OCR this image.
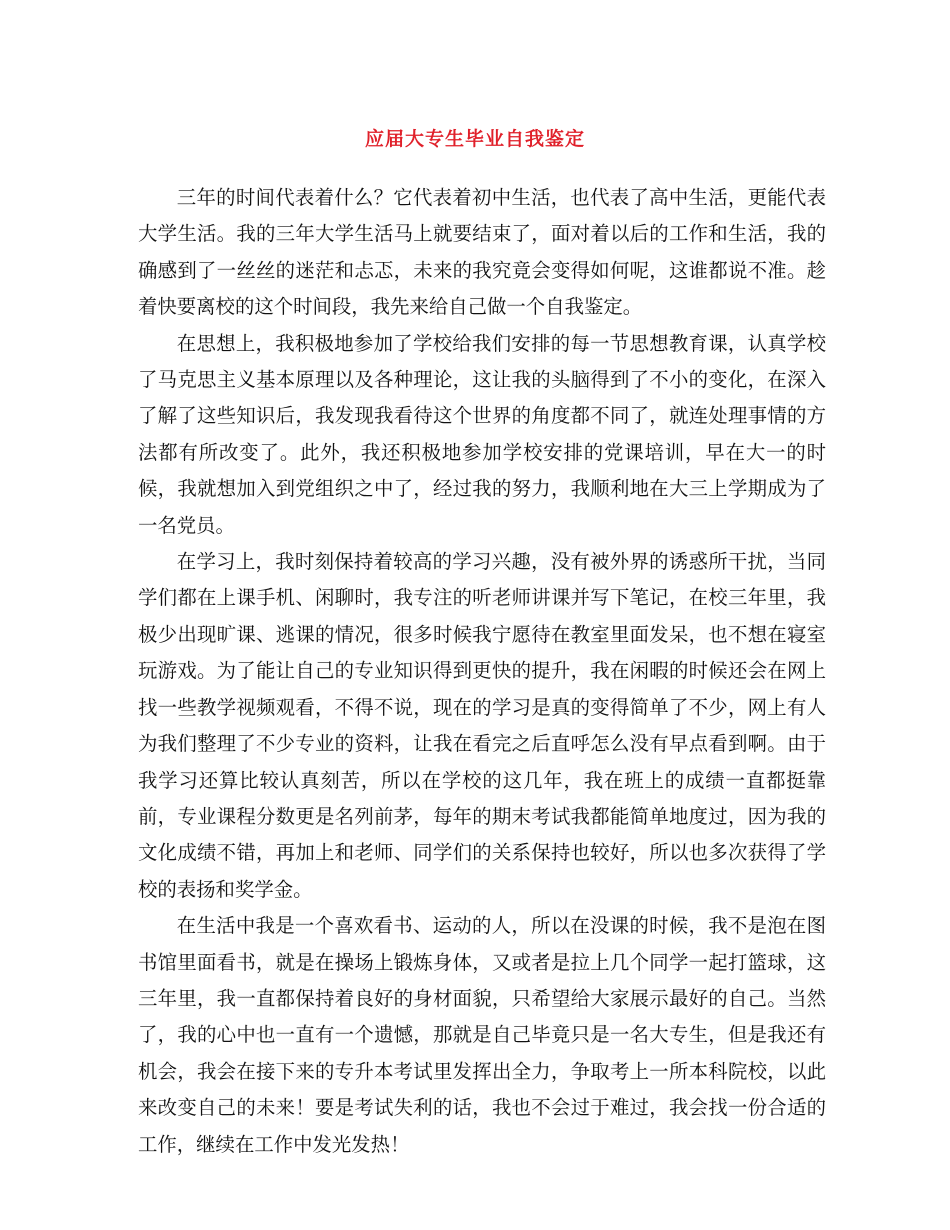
应届大专生毕业自我鉴定

三年的时间代表着什么？它代表着初中生活，也代表了高中生活，更能代表大学生活。我的三年大学生活马上就要结束了，面对着以后的工作和生活，我的确感到了一丝丝的迷茫和忐忑，未来的我究竟会变得如何呢，这谁都说不准。趁着快要离校的这个时间段，我先来给自己做一个自我鉴定。

在思想上，我积极地参加了学校给我们安排的每一节思想教育课，认真学校了马克思主义基本原理以及各种理论，这让我的头脑得到了不小的变化，在深入了解了这些知识后，我发现我看待这个世界的角度都不同了，就连处理事情的方法都有所改变了。此外，我还积极地参加学校安排的党课培训，早在大一的时候，我就想加入到党组织之中了，经过我的努力，我顺利地在大三上学期成为了一名党员。

在学习上，我时刻保持着较高的学习兴趣，没有被外界的诱惑所干扰，当同学们都在上课手机、闲聊时，我专注的听老师讲课并写下笔记，在校三年里，我极少出现旷课、逃课的情况，很多时候我宁愿待在教室里面发呆，也不想在寝室玩游戏。为了能让自己的专业知识得到更快的提升，我在闲暇的时候还会在网上找一些教学视频观看，不得不说，现在的学习是真的变得简单了不少，网上有人为我们整理了不少专业的资料，让我在看完之后直呼怎么没有早点看到啊。由于我学习还算比较认真刻苦，所以在学校的这几年，我在班上的成绩一直都挺靠前，专业课程分数更是名列前茅，每年的期末考试我都能简单地度过，因为我的文化成绩不错，再加上和老师、同学们的关系保持也较好，所以也多次获得了学校的表扬和奖学金。

在生活中我是一个喜欢看书、运动的人，所以在没课的时候，我不是泡在图书馆里面看书，就是在操场上锻炼身体，又或者是拉上几个同学一起打篮球，这三年里，我一直都保持着良好的身材面貌，只希望给大家展示最好的自己。当然了，我的心中也一直有一个遗憾，那就是自己毕竟只是一名大专生，但是我还有机会，我会在接下来的专升本考试里发挥出全力，争取考上一所本科院校，以此来改变自己的未来！要是考试失利的话，我也不会过于难过，我会找一份合适的工作，继续在工作中发光发热！
